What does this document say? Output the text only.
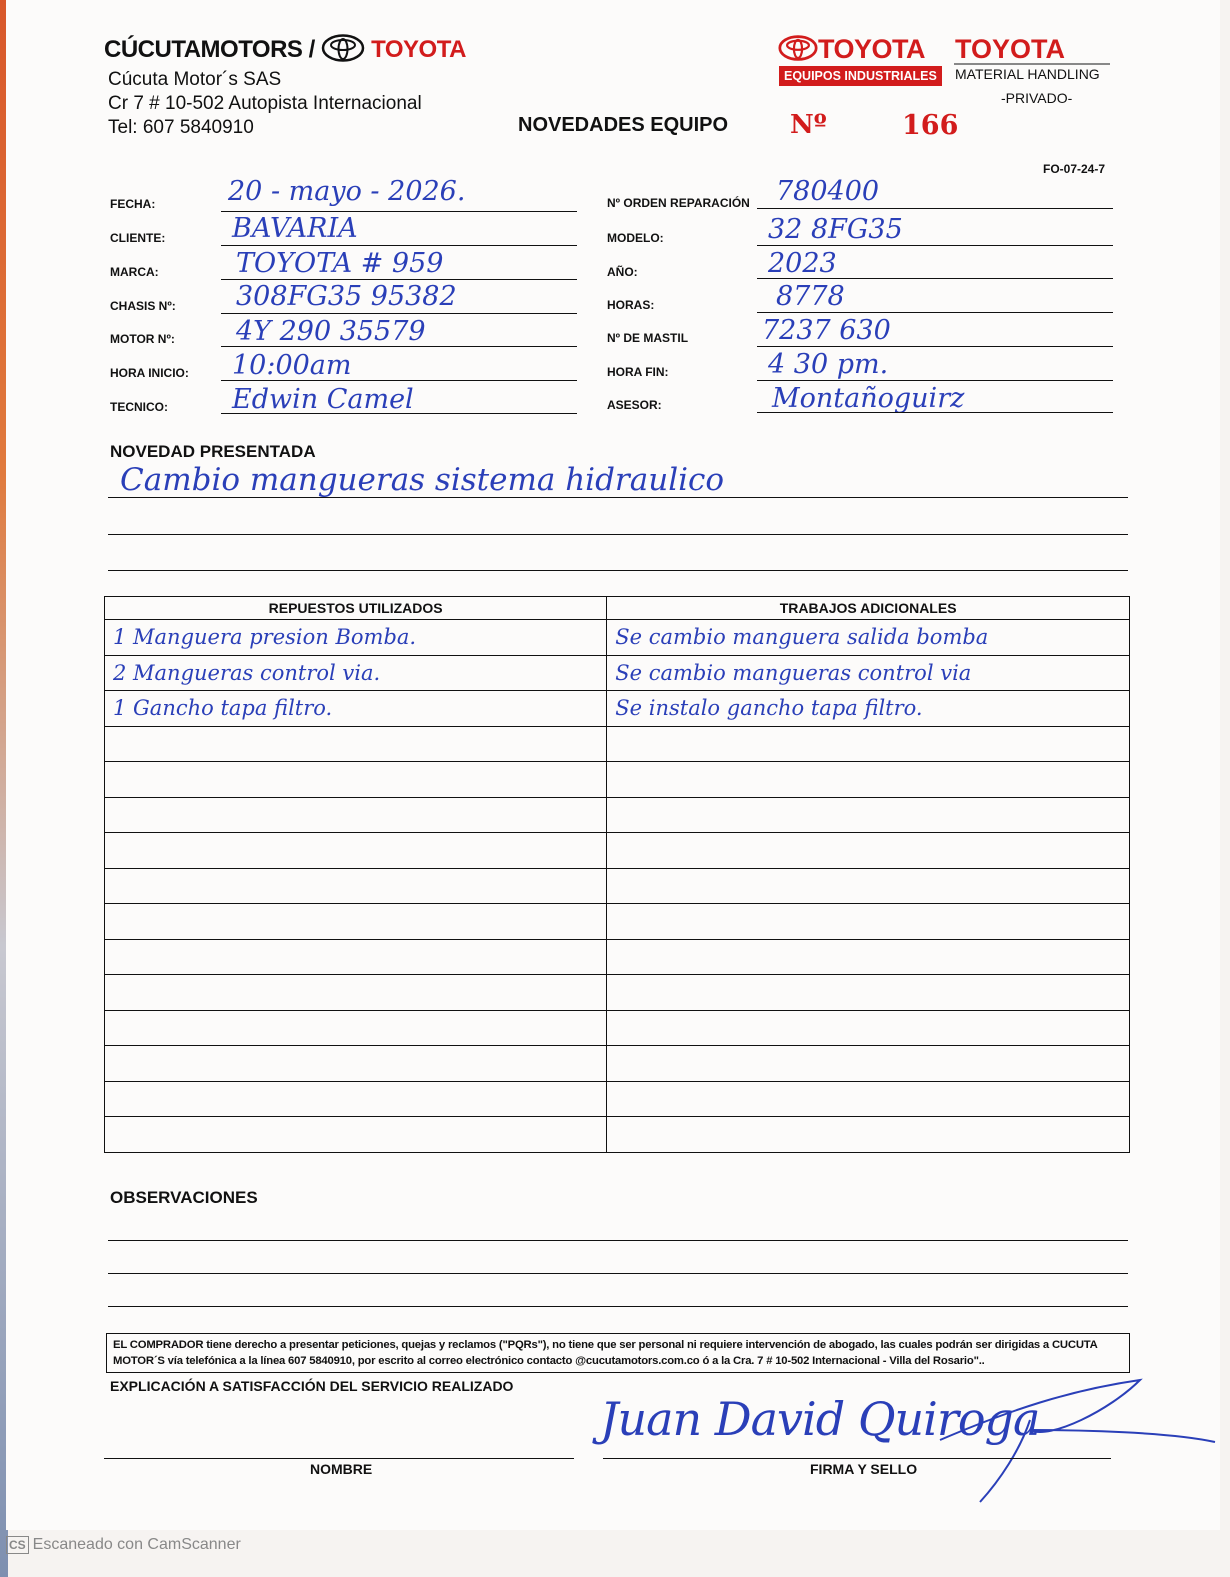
CÚCUTAMOTORS / TOYOTA
Cúcuta Motor´s SAS
Cr 7 # 10-502 Autopista Internacional
Tel: 607 5840910	NOVEDADES EQUIPO Nº	166
TOYOTA TOYOTA
EQUIPOS INDUSTRIALES	MATERIAL HANDLING
-PRIVADO-
FO-07-24-7
FECHA:	20 - mayo - 2026.
CLIENTE: BAVARIA
MARCA:	TOYOTA # 959
CHASIS Nº: 308FG35 95382
MOTOR Nº: 4Y 290 35579
HORA INICIO: 10:00am
TECNICO: Edwin Camel
Nº ORDEN REPARACIÓN 780400
MODELO:	32 8FG35
AÑO:	2023
HORAS:	8778
Nº DE MASTIL	7237 630
HORA FIN:	4 30 pm.
ASESOR:	Montañoguirz
NOVEDAD PRESENTADA
Cambio mangueras sistema hidraulico
REPUESTOS UTILIZADOS	TRABAJOS ADICIONALES
1 Manguera presion Bomba.	Se cambio manguera salida bomba
2 Mangueras control via.	Se cambio mangueras control via
1 Gancho tapa filtro.	Se instalo gancho tapa filtro.

OBSERVACIONES
EL COMPRADOR tiene derecho a presentar peticiones, quejas y reclamos ("PQRs"), no tiene que ser personal ni requiere intervención de abogado, las cuales podrán ser dirigidas a CUCUTA MOTOR´S vía telefónica a la línea 607 5840910, por escrito al correo electrónico contacto @cucutamotors.com.co ó a la Cra. 7 # 10-502 Internacional - Villa del Rosario"..
EXPLICACIÓN A SATISFACCIÓN DEL SERVICIO REALIZADO
Juan David Quiroga
NOMBRE	FIRMA Y SELLO
CS Escaneado con CamScanner
